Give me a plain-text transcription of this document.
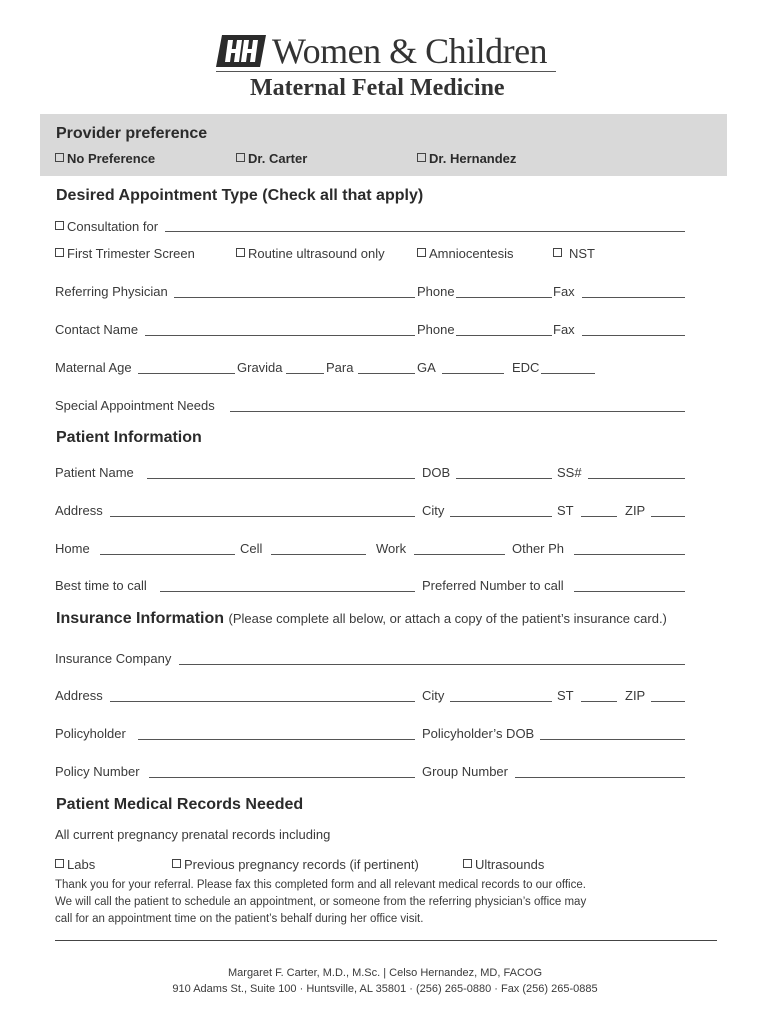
Women & Children
Maternal Fetal Medicine
Provider preference
No Preference	Dr. Carter	Dr. Hernandez
Desired Appointment Type (Check all that apply)
Consultation for
First Trimester Screen	Routine ultrasound only	Amniocentesis	NST
Referring Physician	Phone	Fax
Contact Name	Phone	Fax
Maternal Age	Gravida	Para	GA	EDC
Special Appointment Needs
Patient Information
Patient Name	DOB	SS#
Address	City	ST	ZIP
Home	Cell	Work	Other Ph
Best time to call	Preferred Number to call
Insurance Information (Please complete all below, or attach a copy of the patient’s insurance card.)
Insurance Company
Address	City	ST	ZIP
Policyholder	Policyholder’s DOB
Policy Number	Group Number
Patient Medical Records Needed
All current pregnancy prenatal records including
Labs	Previous pregnancy records (if pertinent)	Ultrasounds
Thank you for your referral. Please fax this completed form and all relevant medical records to our office.
We will call the patient to schedule an appointment, or someone from the referring physician’s office may
call for an appointment time on the patient’s behalf during her office visit.
Margaret F. Carter, M.D., M.Sc. | Celso Hernandez, MD, FACOG
910 Adams St., Suite 100 · Huntsville, AL 35801 · (256) 265-0880 · Fax (256) 265-0885
